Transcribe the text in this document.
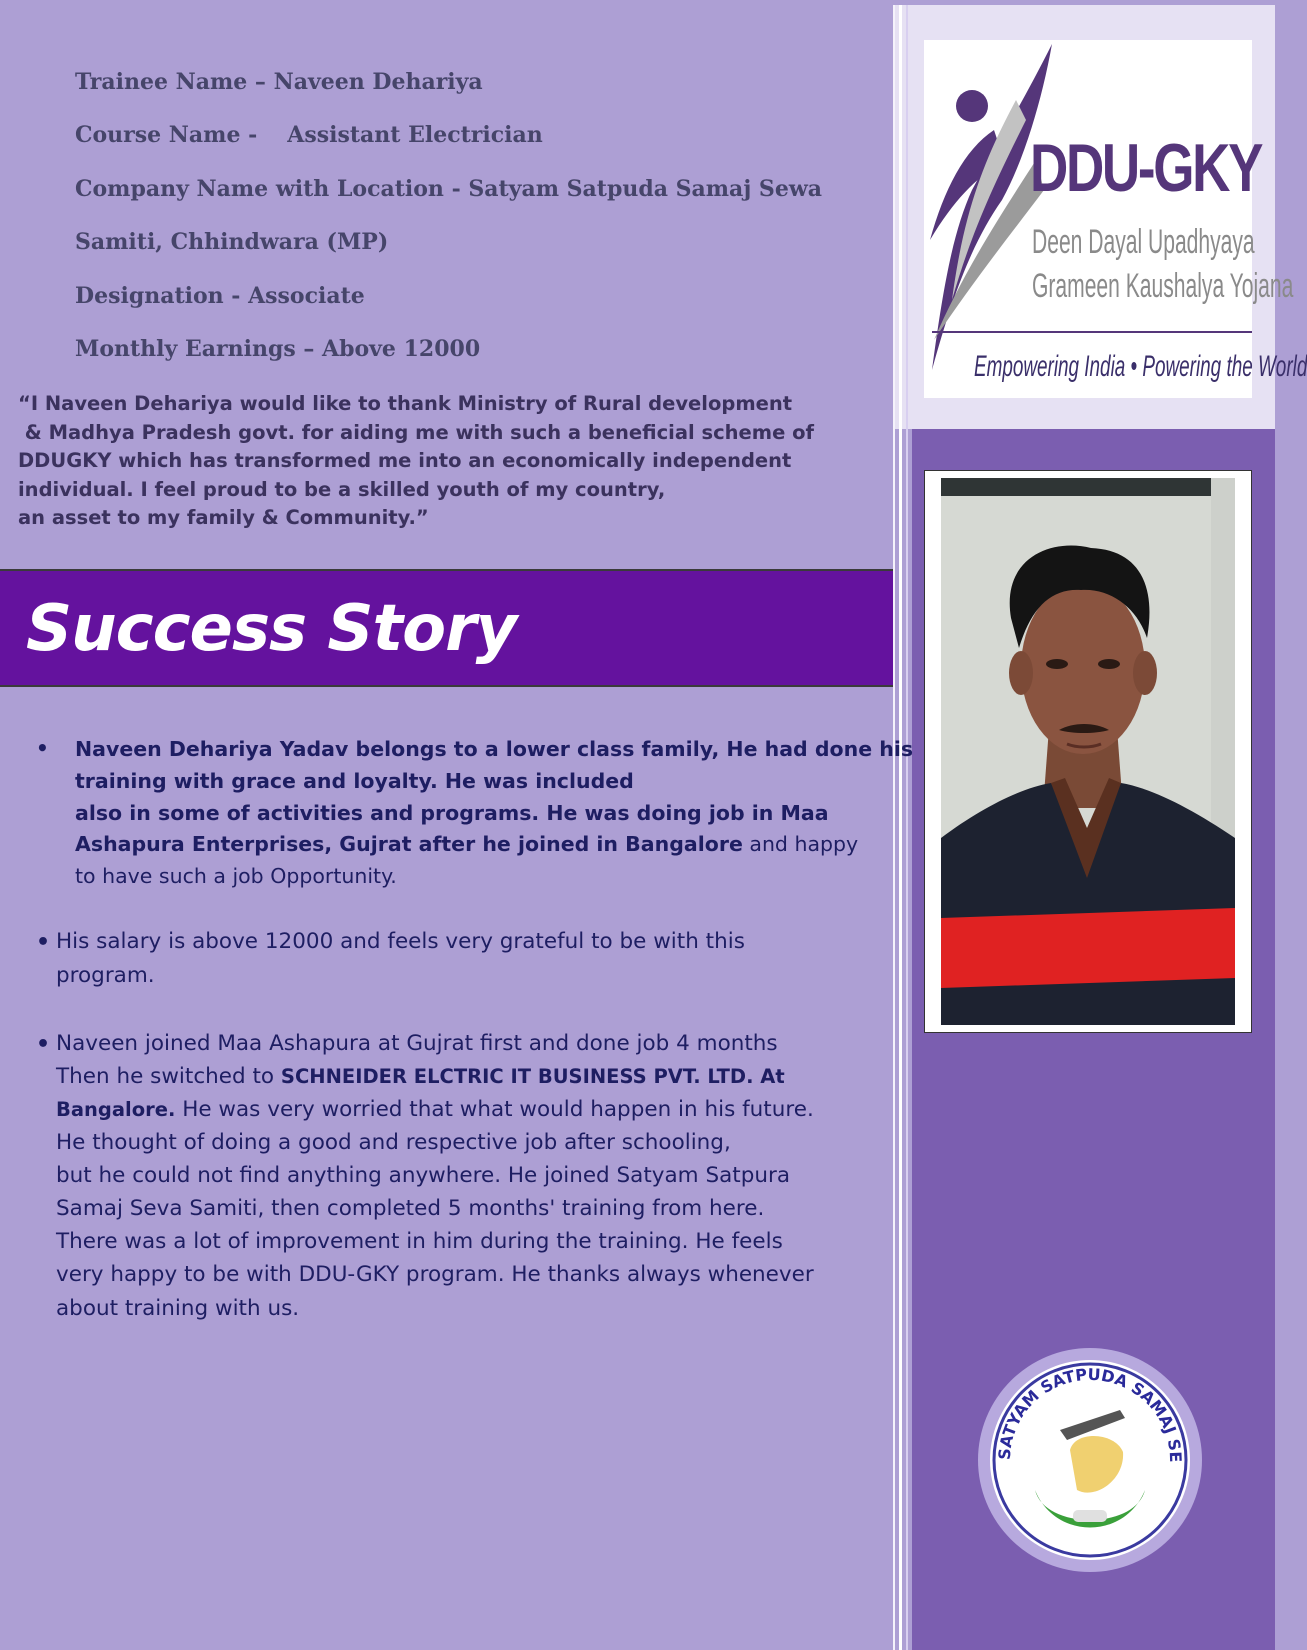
DDU-GKY
Deen Dayal Upadhyaya
Grameen Kaushalya Yojana
Empowering India • Powering the World
SATYAM SATPUDA SAMAJ SE
Trainee Name – Naveen Dehariya
Course Name - Assistant Electrician
Company Name with Location - Satyam Satpuda Samaj Sewa
Samiti, Chhindwara (MP)
Designation - Associate
Monthly Earnings – Above 12000
“I Naveen Dehariya would like to thank Ministry of Rural development
& Madhya Pradesh govt. for aiding me with such a beneficial scheme of
DDUGKY which has transformed me into an economically independent
individual. I feel proud to be a skilled youth of my country,
an asset to my family & Community.”
Success Story
• Naveen Dehariya Yadav belongs to a lower class family, He had done his
training with grace and loyalty. He was included
also in some of activities and programs. He was doing job in Maa
Ashapura Enterprises, Gujrat after he joined in Bangalore and happy
to have such a job Opportunity.
• His salary is above 12000 and feels very grateful to be with this
program.
• Naveen joined Maa Ashapura at Gujrat first and done job 4 months
Then he switched to SCHNEIDER ELCTRIC IT BUSINESS PVT. LTD. At
Bangalore. He was very worried that what would happen in his future.
He thought of doing a good and respective job after schooling,
but he could not find anything anywhere. He joined Satyam Satpura
Samaj Seva Samiti, then completed 5 months' training from here.
There was a lot of improvement in him during the training. He feels
very happy to be with DDU-GKY program. He thanks always whenever
about training with us.
